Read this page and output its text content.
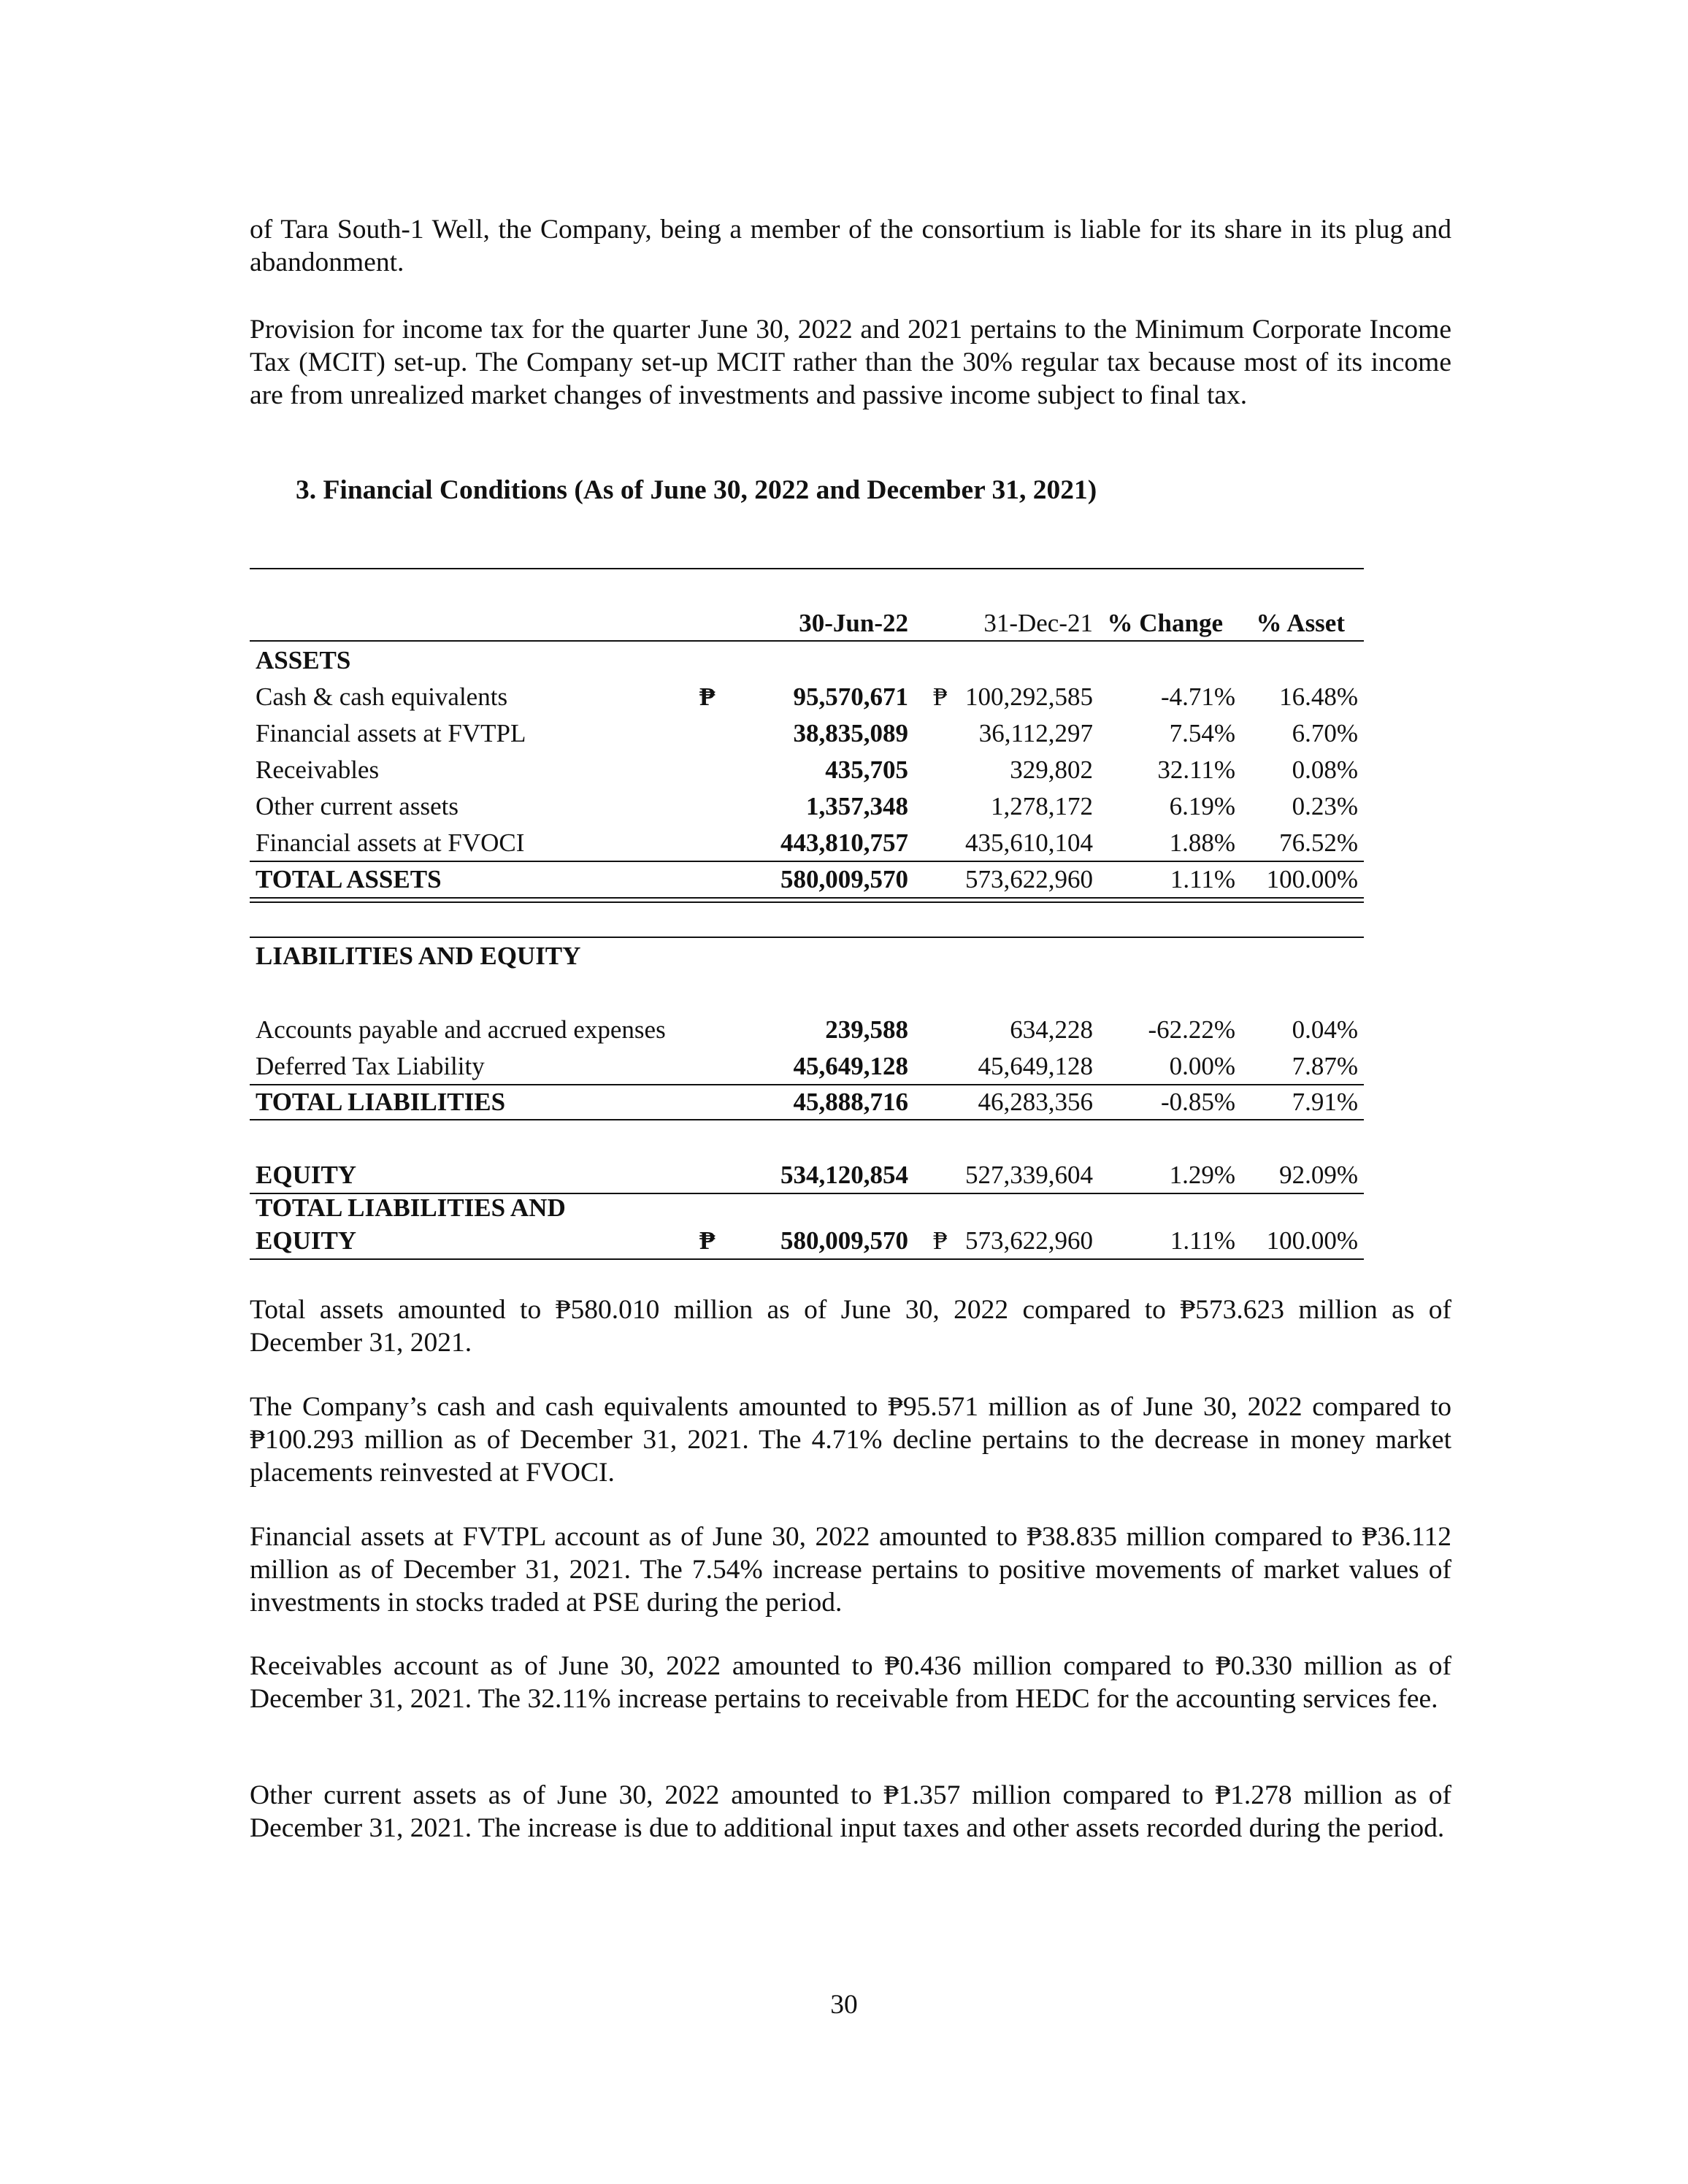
of Tara South-1 Well, the Company, being a member of the consortium is liable for its share in its plug and abandonment.

Provision for income tax for the quarter June 30, 2022 and 2021 pertains to the Minimum Corporate Income Tax (MCIT) set-up. The Company set-up MCIT rather than the 30% regular tax because most of its income are from unrealized market changes of investments and passive income subject to final tax.

3. Financial Conditions (As of June 30, 2022 and December 31, 2021)
30-Jun-22	31-Dec-21 % Change % Asset
ASSETS
Cash & cash equivalents	₱	95,570,671 ₱ 100,292,585	-4.71% 16.48%
Financial assets at FVTPL	38,835,089	36,112,297	7.54% 6.70%
Receivables	435,705	329,802	32.11% 0.08%
Other current assets	1,357,348	1,278,172	6.19% 0.23%
Financial assets at FVOCI	443,810,757 435,610,104	1.88% 76.52%
TOTAL ASSETS	580,009,570 573,622,960	1.11% 100.00%
LIABILITIES AND EQUITY
Accounts payable and accrued expenses	239,588	634,228 -62.22% 0.04%
Deferred Tax Liability	45,649,128	45,649,128	0.00% 7.87%
TOTAL LIABILITIES	45,888,716	46,283,356	-0.85% 7.91%
EQUITY	534,120,854 527,339,604	1.29% 92.09%
TOTAL LIABILITIES AND
EQUITY	₱	580,009,570 ₱ 573,622,960	1.11% 100.00%

Total assets amounted to ₱580.010 million as of June 30, 2022 compared to ₱573.623 million as of December 31, 2021.

The Company’s cash and cash equivalents amounted to ₱95.571 million as of June 30, 2022 compared to ₱100.293 million as of December 31, 2021. The 4.71% decline pertains to the decrease in money market placements reinvested at FVOCI.

Financial assets at FVTPL account as of June 30, 2022 amounted to ₱38.835 million compared to ₱36.112 million as of December 31, 2021. The 7.54% increase pertains to positive movements of market values of investments in stocks traded at PSE during the period.

Receivables account as of June 30, 2022 amounted to ₱0.436 million compared to ₱0.330 million as of December 31, 2021. The 32.11% increase pertains to receivable from HEDC for the accounting services fee.

Other current assets as of June 30, 2022 amounted to ₱1.357 million compared to ₱1.278 million as of December 31, 2021. The increase is due to additional input taxes and other assets recorded during the period.

30
